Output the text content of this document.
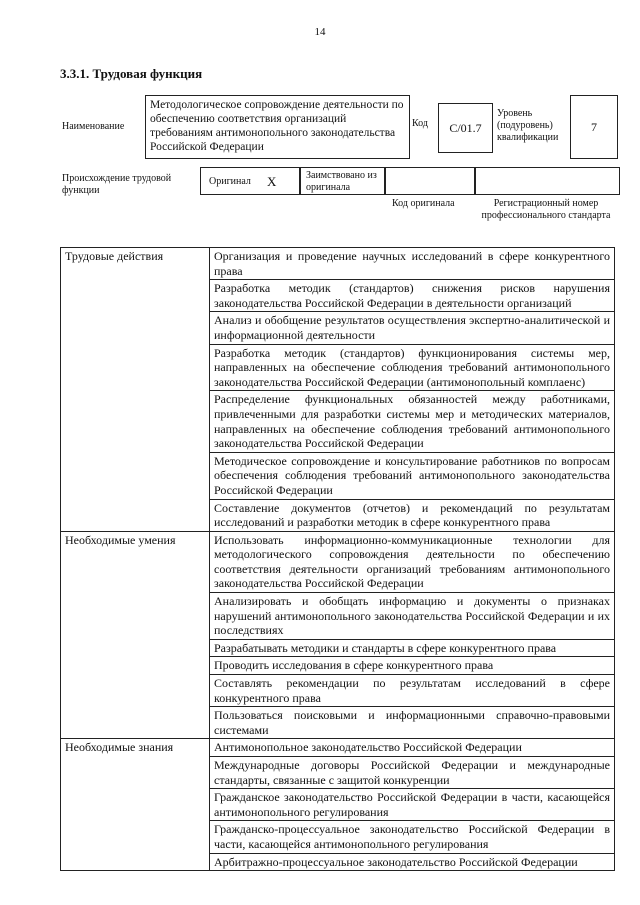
14
3.3.1. Трудовая функция
Наименование
Методологическое сопровождение деятельности по обеспечению соответствия организаций требованиям антимонопольного законодательства Российской Федерации
Код	C/01.7
Уровень (подуровень) квалификации
7
Происхождение трудовой функции
Оригинал X	Заимствовано из оригинала
Код оригинала	Регистрационный номер профессионального стандарта
Трудовые действия	Организация и проведение научных исследований в сфере конкурентного права
	Разработка методик (стандартов) снижения рисков нарушения законодательства Российской Федерации в деятельности организаций
	Анализ и обобщение результатов осуществления экспертно-аналитической и информационной деятельности
	Разработка методик (стандартов) функционирования системы мер, направленных на обеспечение соблюдения требований антимонопольного законодательства Российской Федерации (антимонопольный комплаенс)
	Распределение функциональных обязанностей между работниками, привлеченными для разработки системы мер и методических материалов, направленных на обеспечение соблюдения требований антимонопольного законодательства Российской Федерации
	Методическое сопровождение и консультирование работников по вопросам обеспечения соблюдения требований антимонопольного законодательства Российской Федерации
	Составление документов (отчетов) и рекомендаций по результатам исследований и разработки методик в сфере конкурентного права
Необходимые умения	Использовать информационно-коммуникационные технологии для методологического сопровождения деятельности по обеспечению соответствия деятельности организаций требованиям антимонопольного законодательства Российской Федерации
	Анализировать и обобщать информацию и документы о признаках нарушений антимонопольного законодательства Российской Федерации и их последствиях
	Разрабатывать методики и стандарты в сфере конкурентного права
	Проводить исследования в сфере конкурентного права
	Составлять рекомендации по результатам исследований в сфере конкурентного права
	Пользоваться поисковыми и информационными справочно-правовыми системами
Необходимые знания	Антимонопольное законодательство Российской Федерации
	Международные договоры Российской Федерации и международные стандарты, связанные с защитой конкуренции
	Гражданское законодательство Российской Федерации в части, касающейся антимонопольного регулирования
	Гражданско-процессуальное законодательство Российской Федерации в части, касающейся антимонопольного регулирования
	Арбитражно-процессуальное законодательство Российской Федерации
